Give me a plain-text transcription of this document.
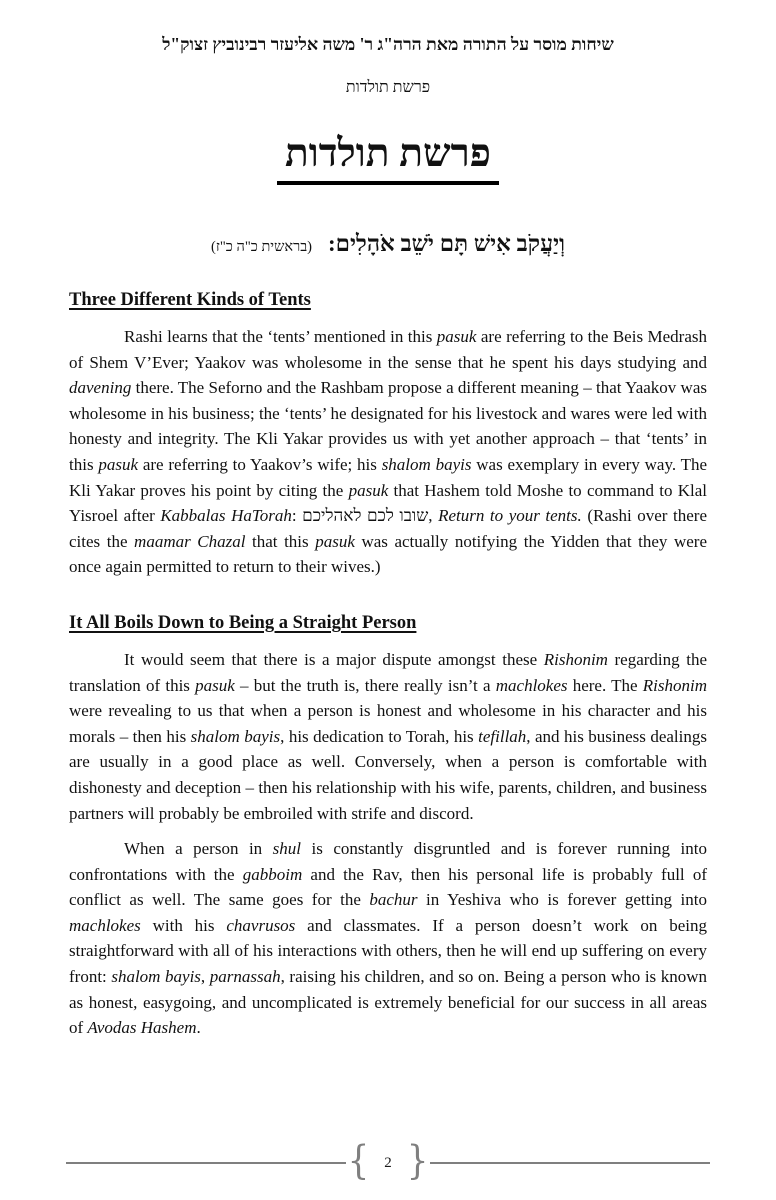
שיחות מוסר על התורה מאת הרה"ג ר' משה אליעזר רבינוביץ זצוק"ל
פרשת תולדות
פרשת תולדות
וְיַעֲקֹב אִישׁ תָּם יֹשֵׁב אֹהָלִים: (בראשית כ"ה כ"ז)
Three Different Kinds of Tents

Rashi learns that the ‘tents’ mentioned in this pasuk are referring to the Beis Medrash of Shem V’Ever; Yaakov was wholesome in the sense that he spent his days studying and davening there. The Seforno and the Rashbam propose a different meaning – that Yaakov was wholesome in his business; the ‘tents’ he designated for his livestock and wares were led with honesty and integrity. The Kli Yakar provides us with yet another approach – that ‘tents’ in this pasuk are referring to Yaakov’s wife; his shalom bayis was exemplary in every way. The Kli Yakar proves his point by citing the pasuk that Hashem told Moshe to command to Klal Yisroel after Kabbalas HaTorah: שובו לכם לאהליכם, Return to your tents. (Rashi over there cites the maamar Chazal that this pasuk was actually notifying the Yidden that they were once again permitted to return to their wives.)

It All Boils Down to Being a Straight Person

It would seem that there is a major dispute amongst these Rishonim regarding the translation of this pasuk – but the truth is, there really isn’t a machlokes here. The Rishonim were revealing to us that when a person is honest and wholesome in his character and his morals – then his shalom bayis, his dedication to Torah, his tefillah, and his business dealings are usually in a good place as well. Conversely, when a person is comfortable with dishonesty and deception – then his relationship with his wife, parents, children, and business partners will probably be embroiled with strife and discord.

When a person in shul is constantly disgruntled and is forever running into confrontations with the gabboim and the Rav, then his personal life is probably full of conflict as well. The same goes for the bachur in Yeshiva who is forever getting into machlokes with his chavrusos and classmates. If a person doesn’t work on being straightforward with all of his interactions with others, then he will end up suffering on every front: shalom bayis, parnassah, raising his children, and so on. Being a person who is known as honest, easygoing, and uncomplicated is extremely beneficial for our success in all areas of Avodas Hashem.

{	2 }
